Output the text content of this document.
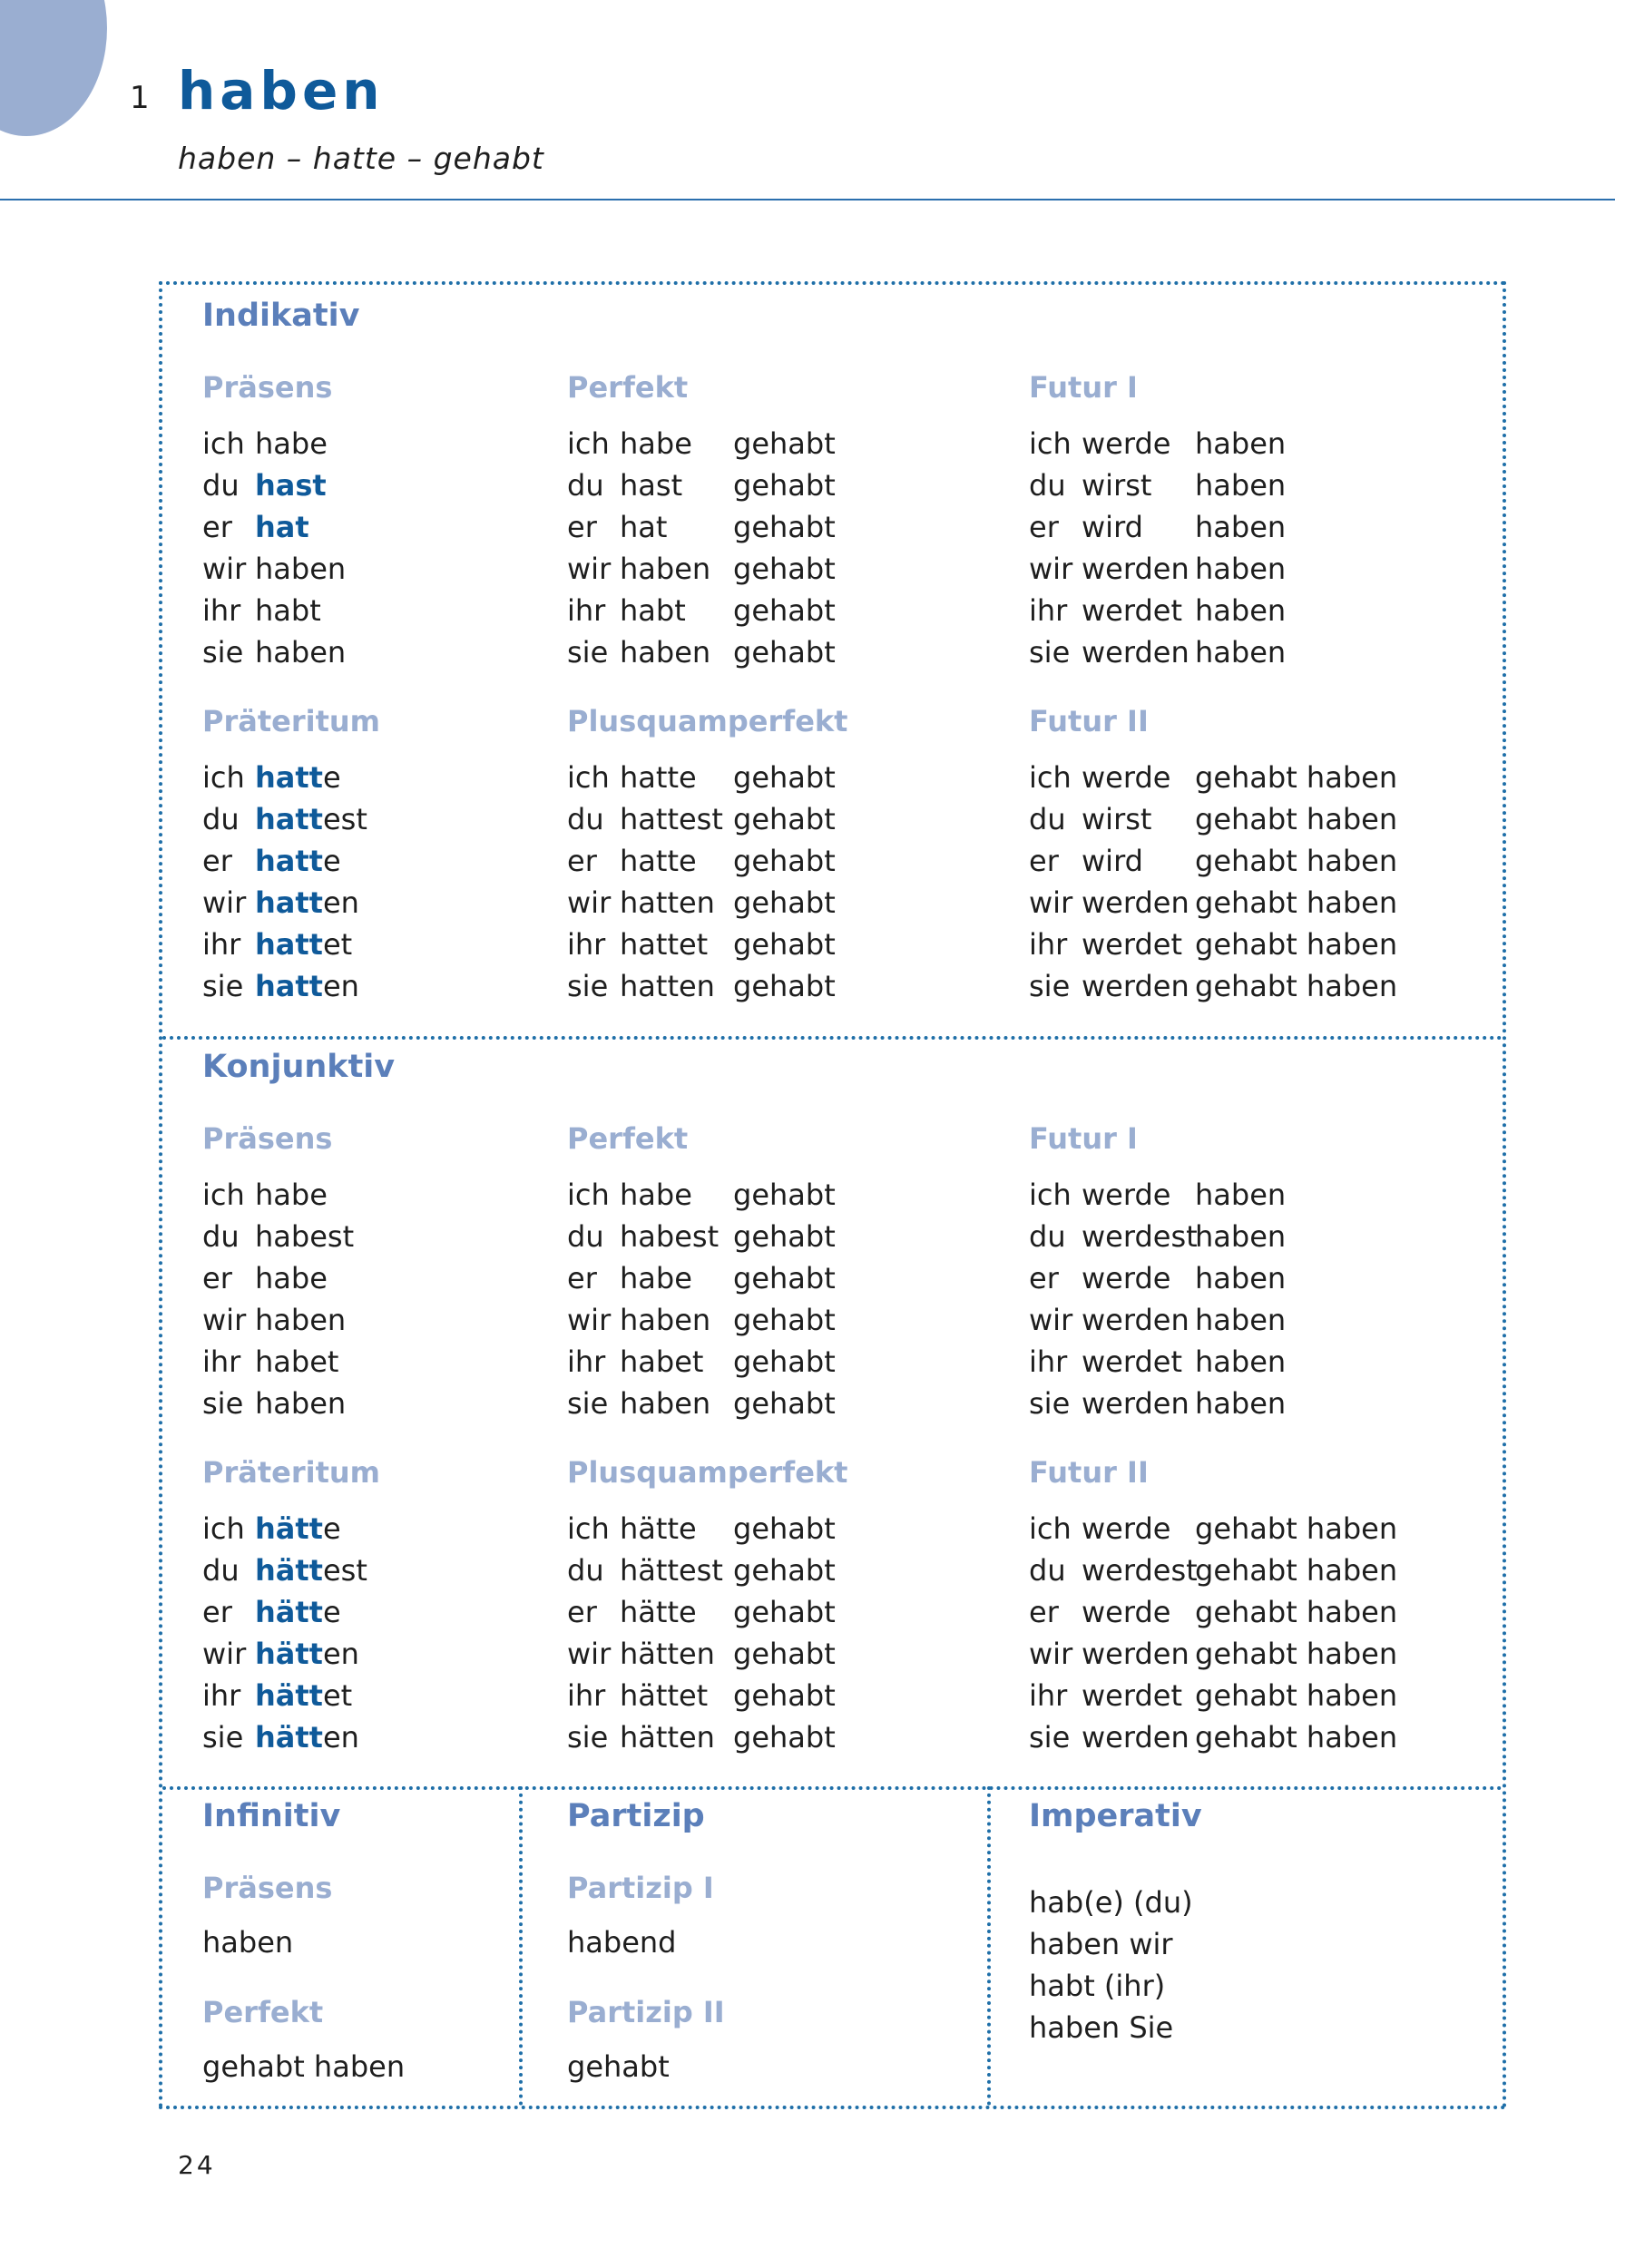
1 haben
haben – hatte – gehabt
Indikativ
Präsens
ich habe
du hast
er hat
wir haben
ihr habt
sie haben
Perfekt
ich habe gehabt
du hast gehabt
er hat gehabt
wir haben gehabt
ihr habt gehabt
sie haben gehabt
Futur I
ich werde haben
du wirst haben
er wird haben
wir werden haben
ihr werdet haben
sie werden haben
Präteritum
ich hatte
du hattest
er hatte
wir hatten
ihr hattet
sie hatten
Plusquamperfekt
ich hatte gehabt
du hattest gehabt
er hatte gehabt
wir hatten gehabt
ihr hattet gehabt
sie hatten gehabt
Futur II
ich werde gehabt haben
du wirst gehabt haben
er wird gehabt haben
wir werden gehabt haben
ihr werdet gehabt haben
sie werden gehabt haben
Konjunktiv
Präsens
ich habe
du habest
er habe
wir haben
ihr habet
sie haben
Perfekt
ich habe gehabt
du habest gehabt
er habe gehabt
wir haben gehabt
ihr habet gehabt
sie haben gehabt
Futur I
ich werde haben
du werdest
haben
er werde haben
wir werden haben
ihr werdet haben
sie werden haben
Präteritum
ich hätte
du hättest
er hätte
wir hätten
ihr hättet
sie hätten
Plusquamperfekt
ich hätte gehabt
du hättest gehabt
er hätte gehabt
wir hätten gehabt
ihr hättet gehabt
sie hätten gehabt
Futur II
ich werde gehabt haben
du werdest
gehabt haben
er werde gehabt haben
wir werden gehabt haben
ihr werdet gehabt haben
sie werden gehabt haben
Infinitiv
Präsens
haben
Perfekt
gehabt haben
Partizip
Partizip I
habend
Partizip II
gehabt
Imperativ
hab(e) (du)
haben wir
habt (ihr)
haben Sie
24
